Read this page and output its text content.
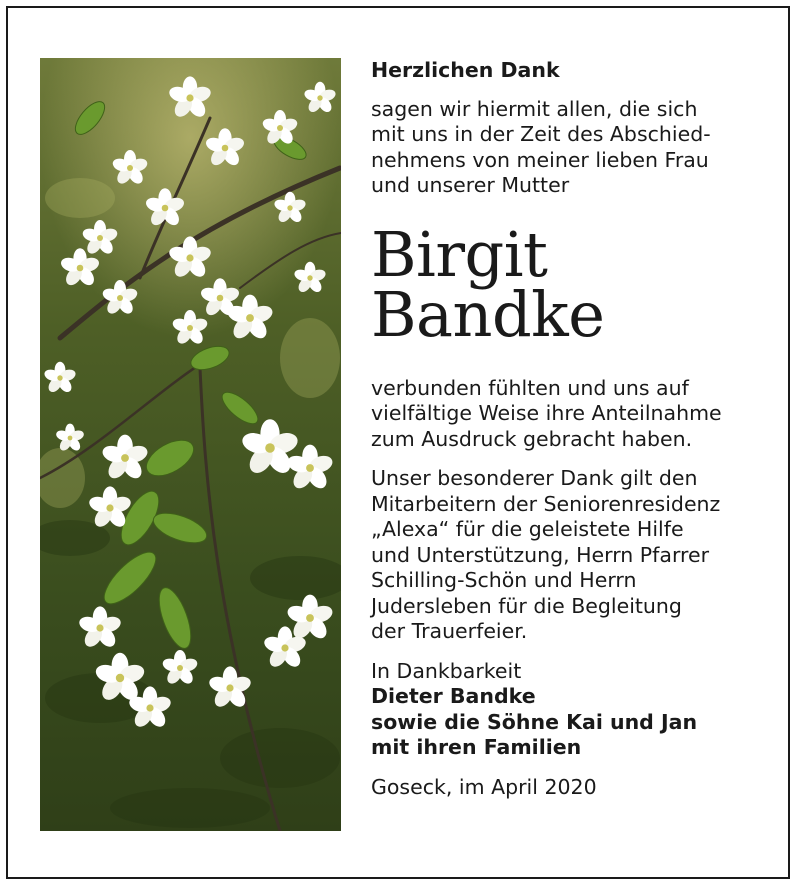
Herzlichen Dank

sagen wir hiermit allen, die sich

mit uns in der Zeit des Abschied-

nehmens von meiner lieben Frau

und unserer Mutter

Birgit
Bandke

verbunden fühlten und uns auf

vielfältige Weise ihre Anteilnahme

zum Ausdruck gebracht haben.

Unser besonderer Dank gilt den

Mitarbeitern der Seniorenresidenz

„Alexa“ für die geleistete Hilfe

und Unterstützung, Herrn Pfarrer

Schilling-Schön und Herrn

Judersleben für die Begleitung

der Trauerfeier.

In Dankbarkeit

Dieter Bandke

sowie die Söhne Kai und Jan

mit ihren Familien

Goseck, im April 2020
